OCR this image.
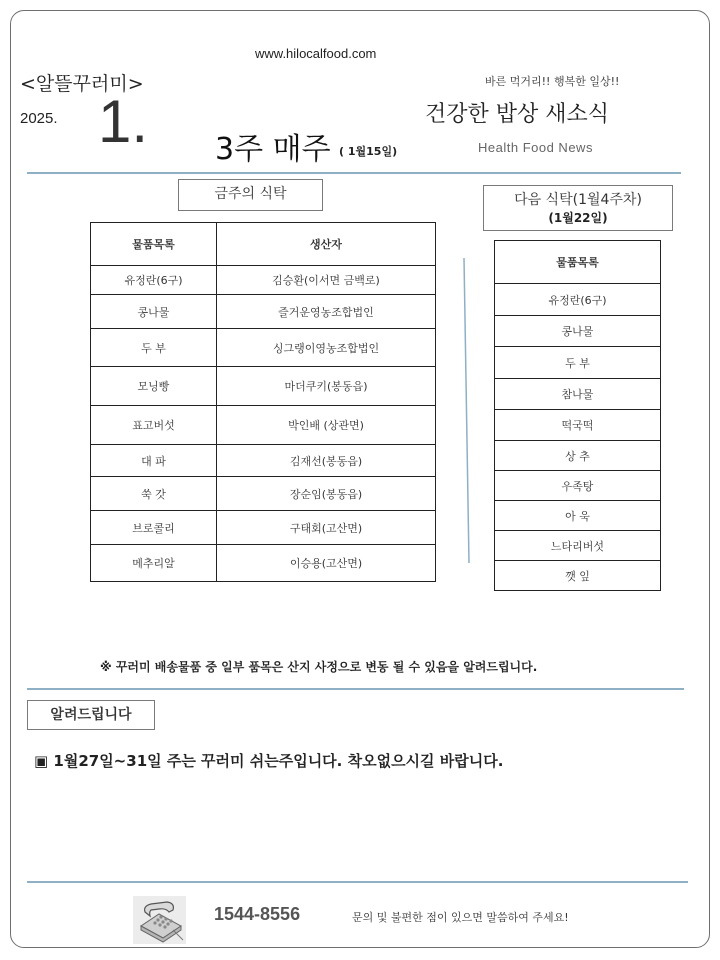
www.hilocalfood.com
<알뜰꾸러미>	바른 먹거리!! 행복한 일상!!
2025. 1.	건강한 밥상 새소식
3주 매주 ( 1월15일)	Health Food News
금주의 식탁	다음 식탁(1월4주차)
(1월22일)
물품목록	생산자
유정란(6구)	김승환(이서면 금백로)
콩나물	즐거운영농조합법인
두 부	싱그랭이영농조합법인
모닝빵	마더쿠키(봉동읍)
표고버섯	박인배 (상관면)
대 파	김재선(봉동읍)
쑥 갓	장순임(봉동읍)
브로콜리	구태회(고산면)
메추리알	이승용(고산면)
물품목록
유정란(6구)
콩나물
두 부
참나물
떡국떡
상 추
우족탕
아 욱
느타리버섯
깻 잎
※ 꾸러미 배송물품 중 일부 품목은 산지 사정으로 변동 될 수 있음을 알려드립니다.
알려드립니다
▣ 1월27일~31일 주는 꾸러미 쉬는주입니다. 착오없으시길 바랍니다.
1544-8556	문의 및 불편한 점이 있으면 말씀하여 주세요!
